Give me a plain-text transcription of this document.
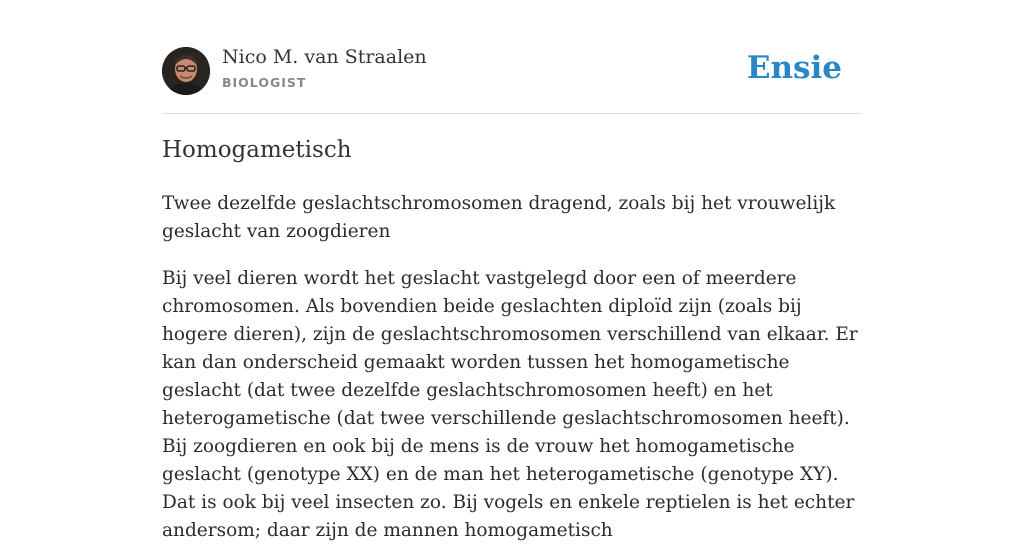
Nico M. van Straalen
BIOLOGIST	Ensie
Homogametisch

Twee dezelfde geslachtschromosomen dragend, zoals bij het vrouwelijk geslacht van zoogdieren

Bij veel dieren wordt het geslacht vastgelegd door een of meerdere chromosomen. Als bovendien beide geslachten diploïd zijn (zoals bij hogere dieren), zijn de geslachtschromosomen verschillend van elkaar. Er kan dan onderscheid gemaakt worden tussen het homogametische geslacht (dat twee dezelfde geslachtschromosomen heeft) en het heterogametische (dat twee verschillende geslachtschromosomen heeft). Bij zoogdieren en ook bij de mens is de vrouw het homogametische geslacht (genotype XX) en de man het heterogametische (genotype XY). Dat is ook bij veel insecten zo. Bij vogels en enkele reptielen is het echter andersom; daar zijn de mannen homogametisch
